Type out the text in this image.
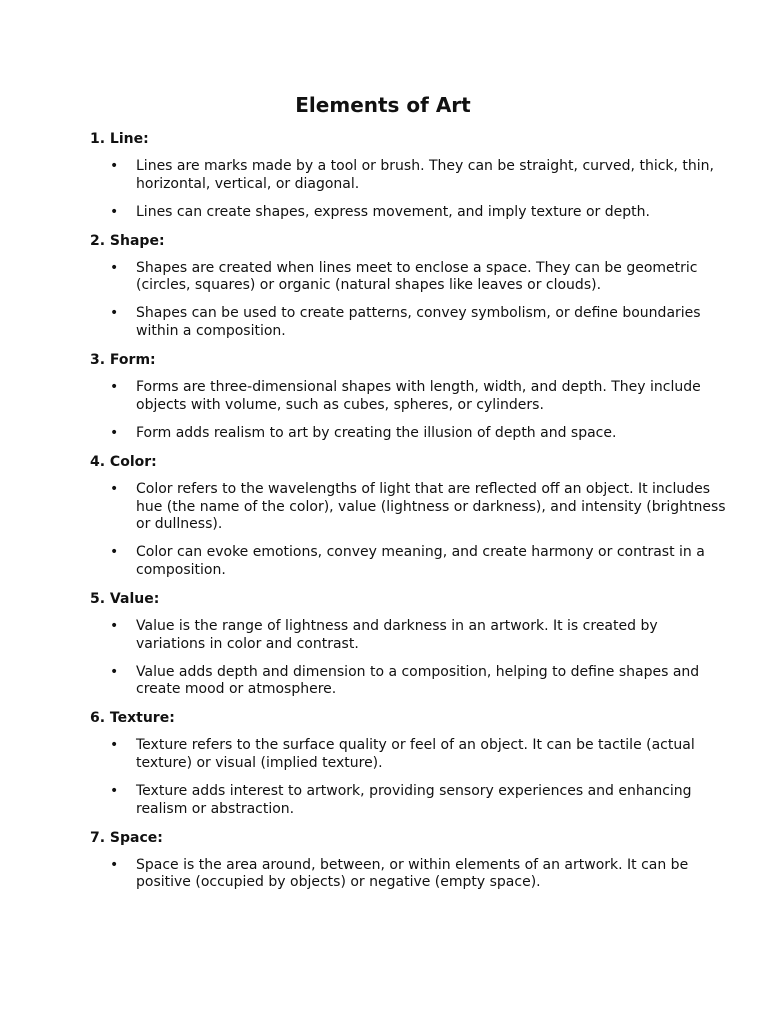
Elements of Art
1. Line:
• Lines are marks made by a tool or brush. They can be straight, curved, thick, thin, horizontal, vertical, or diagonal.
• Lines can create shapes, express movement, and imply texture or depth.
2. Shape:
• Shapes are created when lines meet to enclose a space. They can be geometric (circles, squares) or organic (natural shapes like leaves or clouds).
• Shapes can be used to create patterns, convey symbolism, or define boundaries within a composition.
3. Form:
• Forms are three-dimensional shapes with length, width, and depth. They include objects with volume, such as cubes, spheres, or cylinders.
• Form adds realism to art by creating the illusion of depth and space.
4. Color:
• Color refers to the wavelengths of light that are reflected off an object. It includes hue (the name of the color), value (lightness or darkness), and intensity (brightness or dullness).
• Color can evoke emotions, convey meaning, and create harmony or contrast in a composition.
5. Value:
• Value is the range of lightness and darkness in an artwork. It is created by variations in color and contrast.
• Value adds depth and dimension to a composition, helping to define shapes and create mood or atmosphere.
6. Texture:
• Texture refers to the surface quality or feel of an object. It can be tactile (actual texture) or visual (implied texture).
• Texture adds interest to artwork, providing sensory experiences and enhancing realism or abstraction.
7. Space:
• Space is the area around, between, or within elements of an artwork. It can be positive (occupied by objects) or negative (empty space).
